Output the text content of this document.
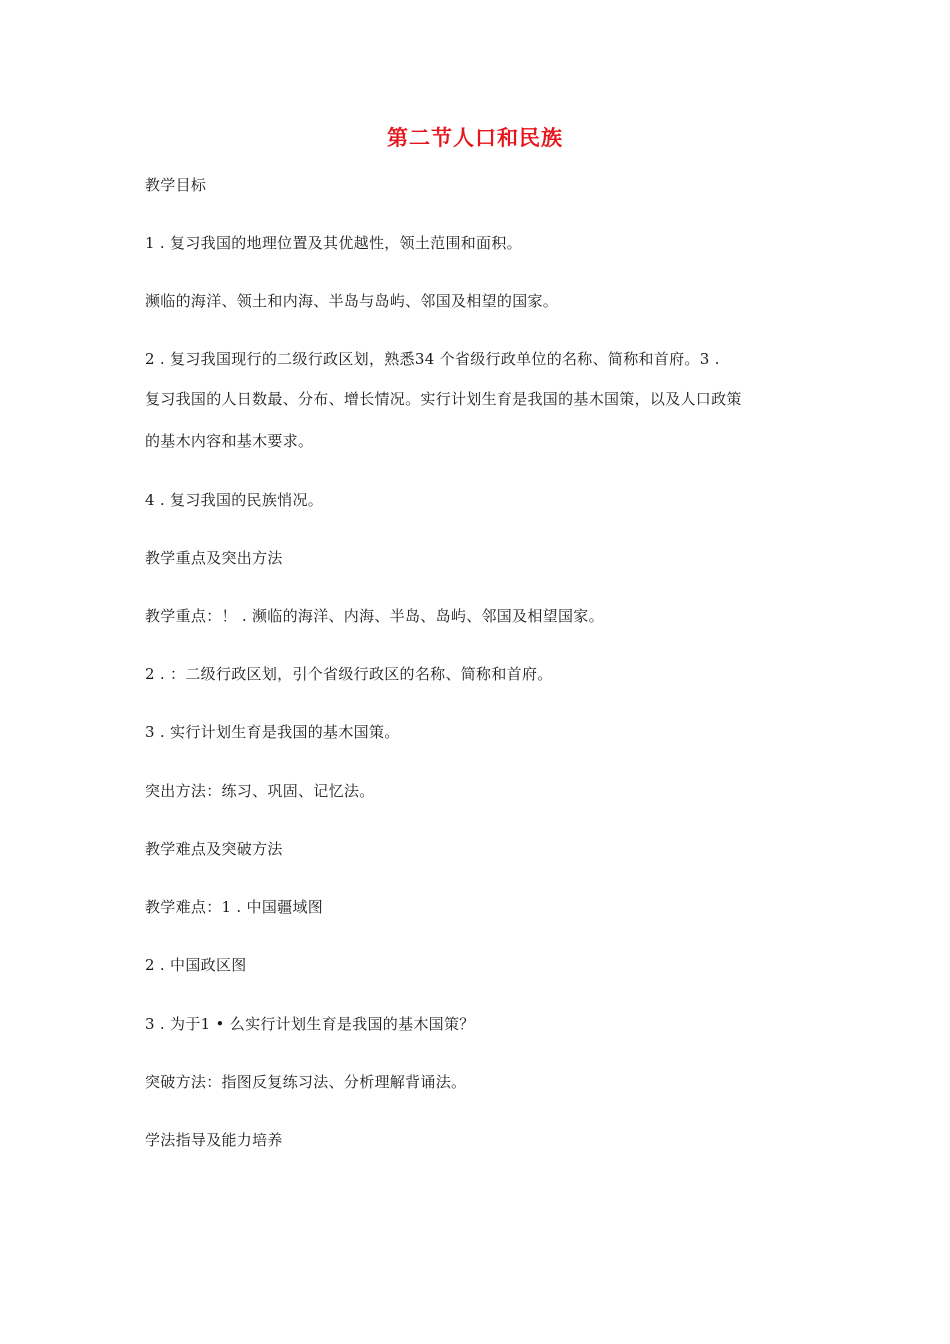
第二节人口和民族
教学目标
1 . 复习我国的地理位置及其优越性，领土范围和面积。
濒临的海洋、领土和内海、半岛与岛屿、邻国及相望的国家。
2 . 复习我国现行的二级行政区划，熟悉34 个省级行政单位的名称、简称和首府。3 .
复习我国的人日数最、分布、增长情况。实行计划生育是我国的基木国策，以及人口政策
的基木内容和基木要求。
4 . 复习我国的民族悄况。
教学重点及突出方法
教学重点：！ . 濒临的海洋、内海、半岛、岛屿、邻国及相望国家。
2 . ：二级行政区划，引个省级行政区的名称、简称和首府。
3 . 实行计划生育是我国的基木国策。
突出方法：练习、巩固、记忆法。
教学难点及突破方法
教学难点：1 . 中国疆域图
2 . 中国政区图
3 . 为于1 • 么实行计划生育是我国的基木国策？
突破方法：指图反复练习法、分析理解背诵法。
学法指导及能力培养
